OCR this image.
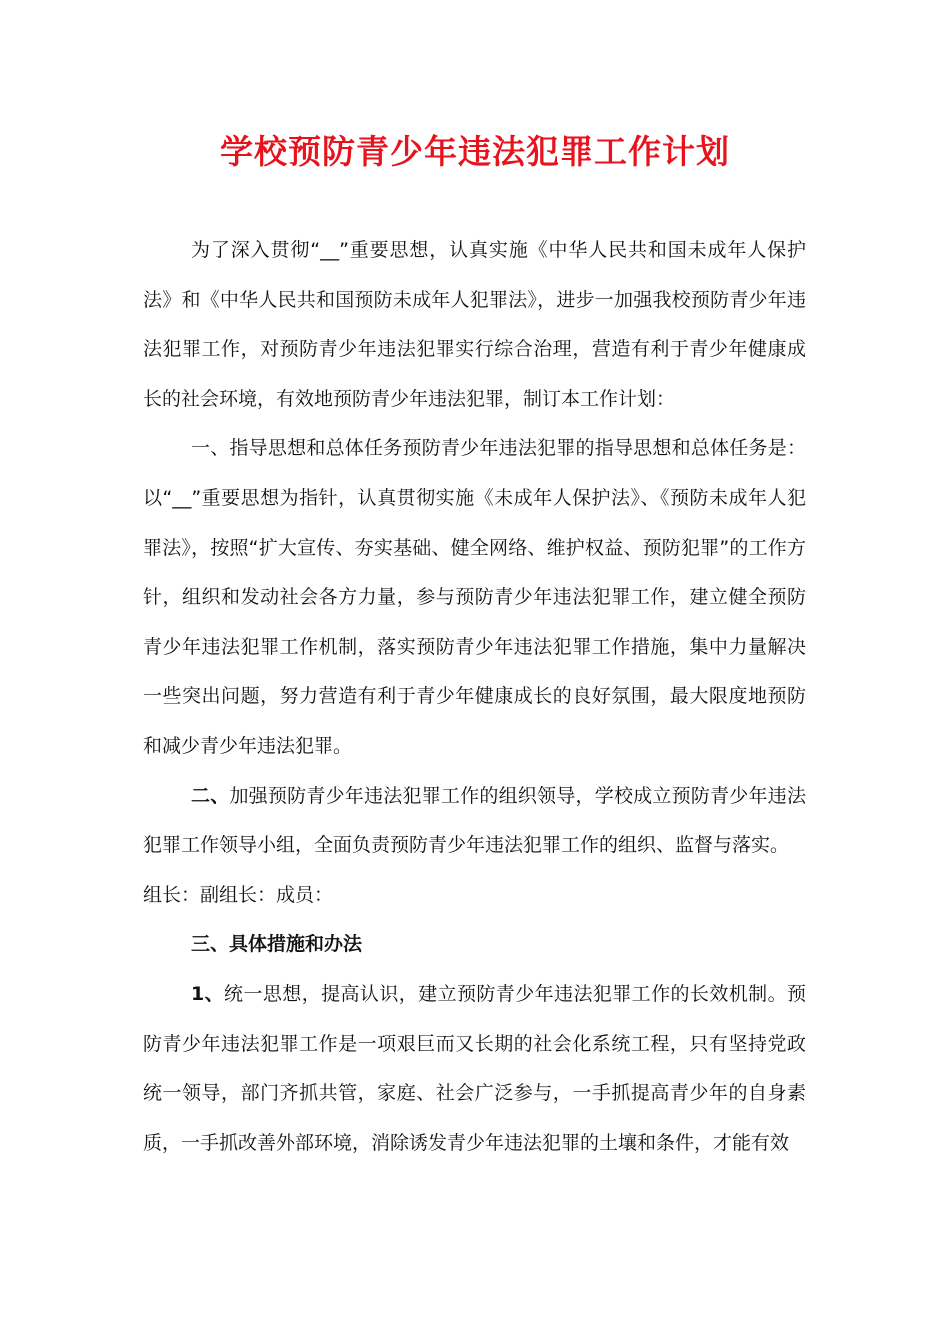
学校预防青少年违法犯罪工作计划

为了深入贯彻“__”重要思想，认真实施《中华人民共和国未成年人保护法》和《中华人民共和国预防未成年人犯罪法》，进步一加强我校预防青少年违法犯罪工作，对预防青少年违法犯罪实行综合治理，营造有利于青少年健康成长的社会环境，有效地预防青少年违法犯罪，制订本工作计划：

一、指导思想和总体任务预防青少年违法犯罪的指导思想和总体任务是：以“__”重要思想为指针，认真贯彻实施《未成年人保护法》、《预防未成年人犯罪法》，按照“扩大宣传、夯实基础、健全网络、维护权益、预防犯罪”的工作方针，组织和发动社会各方力量，参与预防青少年违法犯罪工作，建立健全预防青少年违法犯罪工作机制，落实预防青少年违法犯罪工作措施，集中力量解决一些突出问题，努力营造有利于青少年健康成长的良好氛围，最大限度地预防和减少青少年违法犯罪。

二、加强预防青少年违法犯罪工作的组织领导，学校成立预防青少年违法犯罪工作领导小组，全面负责预防青少年违法犯罪工作的组织、监督与落实。

组长：副组长：成员：

三、具体措施和办法

1、统一思想，提高认识，建立预防青少年违法犯罪工作的长效机制。预防青少年违法犯罪工作是一项艰巨而又长期的社会化系统工程，只有坚持党政统一领导，部门齐抓共管，家庭、社会广泛参与，一手抓提高青少年的自身素质，一手抓改善外部环境，消除诱发青少年违法犯罪的土壤和条件，才能有效
